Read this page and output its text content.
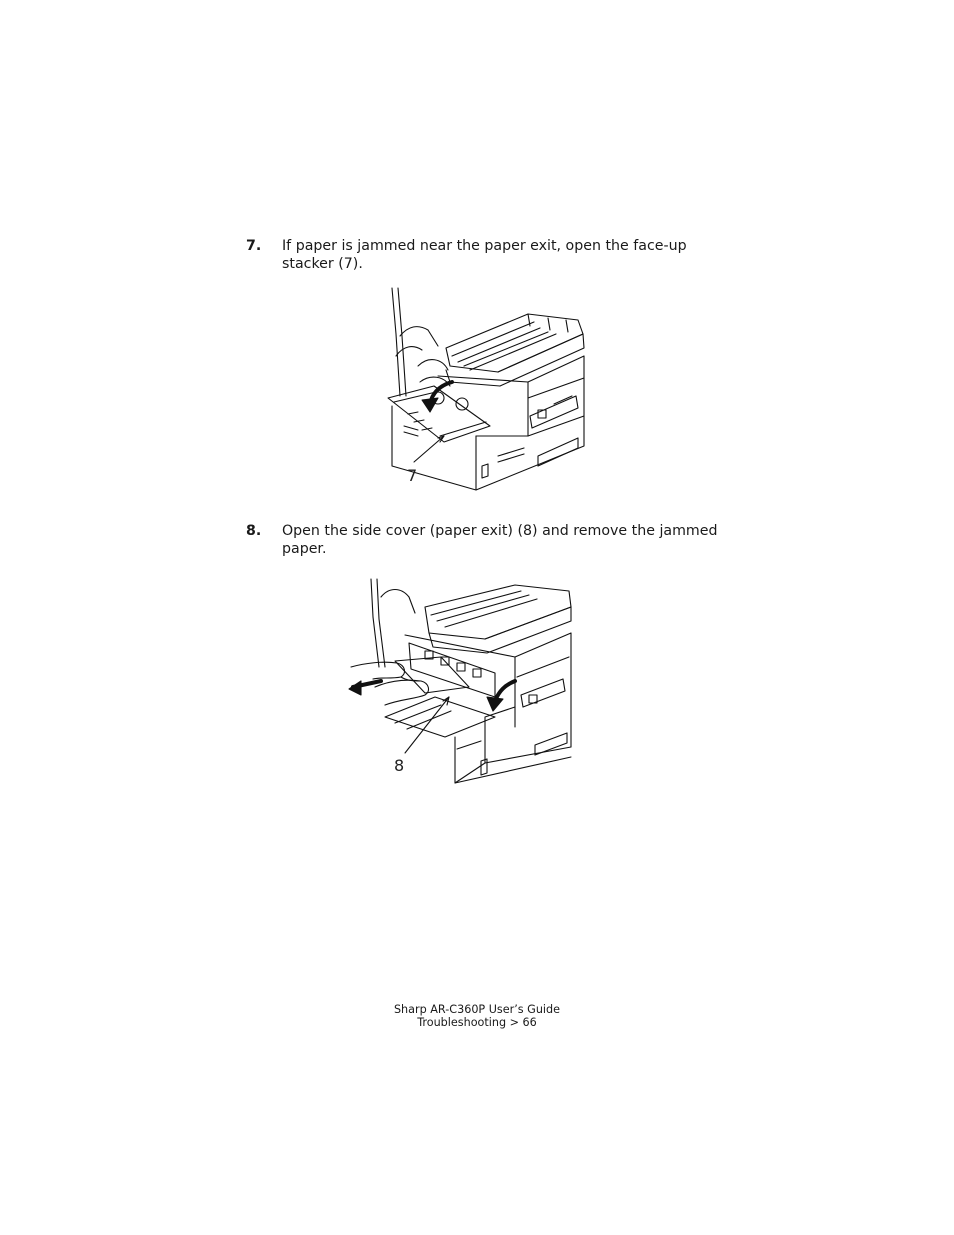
7. If paper is jammed near the paper exit, open the face-up stacker (7).
7
8. Open the side cover (paper exit) (8) and remove the jammed paper.
8
Sharp AR-C360P User’s Guide
Troubleshooting > 66
